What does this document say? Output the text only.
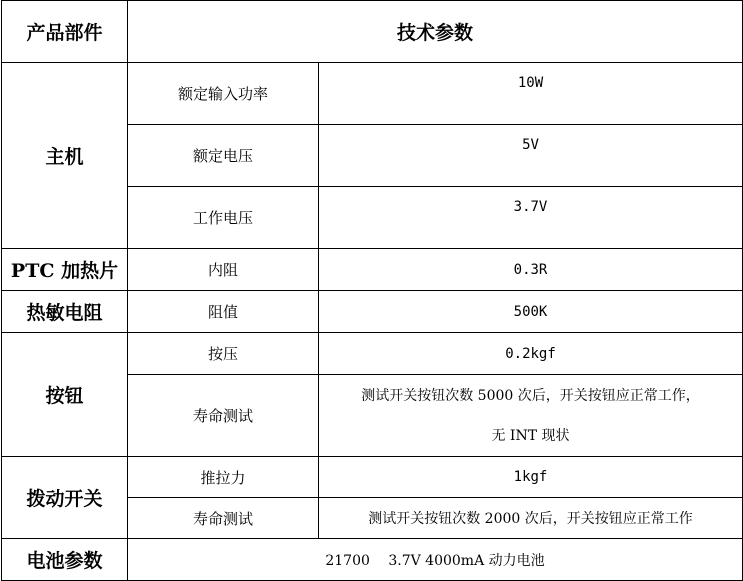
产品部件	技术参数	
主机	额定输入功率	10W
	额定电压	5V
	工作电压	3.7V
PTC 加热片	内阻	0.3R
热敏电阻	阻值	500K
按钮	按压	0.2kgf
	寿命测试	测试开关按钮次数 5000 次后，开关按钮应正常工作，
无 INT 现状

拨动开关	推拉力	1kgf
	寿命测试	测试开关按钮次数 2000 次后，开关按钮应正常工作
电池参数	21700　 3.7V 4000mA 动力电池	
